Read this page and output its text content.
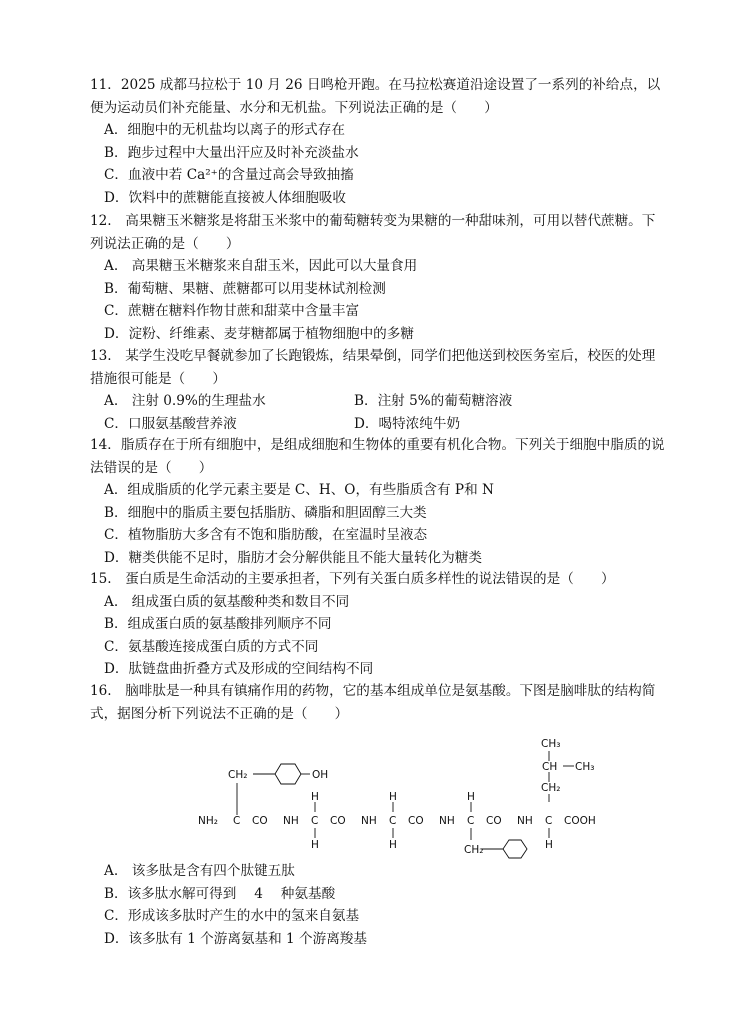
11．2025 成都马拉松于 10 月 26 日鸣枪开跑。在马拉松赛道沿途设置了一系列的补给点，以便为运动员们补充能量、水分和无机盐。下列说法正确的是（　　）

A．细胞中的无机盐均以离子的形式存在

B．跑步过程中大量出汗应及时补充淡盐水

C．血液中若 Ca²⁺的含量过高会导致抽搐

D．饮料中的蔗糖能直接被人体细胞吸收

12.　高果糖玉米糖浆是将甜玉米浆中的葡萄糖转变为果糖的一种甜味剂，可用以替代蔗糖。下列说法正确的是（　　）

A.　高果糖玉米糖浆来自甜玉米，因此可以大量食用

B．葡萄糖、果糖、蔗糖都可以用斐林试剂检测

C．蔗糖在糖料作物甘蔗和甜菜中含量丰富

D．淀粉、纤维素、麦芽糖都属于植物细胞中的多糖

13.　某学生没吃早餐就参加了长跑锻炼，结果晕倒，同学们把他送到校医务室后，校医的处理措施很可能是（　　）

A.　注射 0.9%的生理盐水	B．注射 5%的葡萄糖溶液
C．口服氨基酸营养液	D．喝特浓纯牛奶

14．脂质存在于所有细胞中，是组成细胞和生物体的重要有机化合物。下列关于细胞中脂质的说法错误的是（　　）

A．组成脂质的化学元素主要是 C、H、O，有些脂质含有 P和 N

B．细胞中的脂质主要包括脂肪、磷脂和胆固醇三大类

C．植物脂肪大多含有不饱和脂肪酸，在室温时呈液态

D．糖类供能不足时，脂肪才会分解供能且不能大量转化为糖类

15.　蛋白质是生命活动的主要承担者，下列有关蛋白质多样性的说法错误的是（　　）

A.　组成蛋白质的氨基酸种类和数目不同

B．组成蛋白质的氨基酸排列顺序不同

C．氨基酸连接成蛋白质的方式不同

D．肽链盘曲折叠方式及形成的空间结构不同

16.　脑啡肽是一种具有镇痛作用的药物，它的基本组成单位是氨基酸。下图是脑啡肽的结构简式，据图分析下列说法不正确的是（　　）

NH₂ C CO NH C CO NH C CO NH C CO NH C COOH
CH₂	OH
H
H
H
H
H
CH₂
CH₂
CH
CH₃
CH₃
H

A.　该多肽是含有四个肽键五肽

B．该多肽水解可得到　 4　 种氨基酸

C．形成该多肽时产生的水中的氢来自氨基

D．该多肽有 1 个游离氨基和 1 个游离羧基
